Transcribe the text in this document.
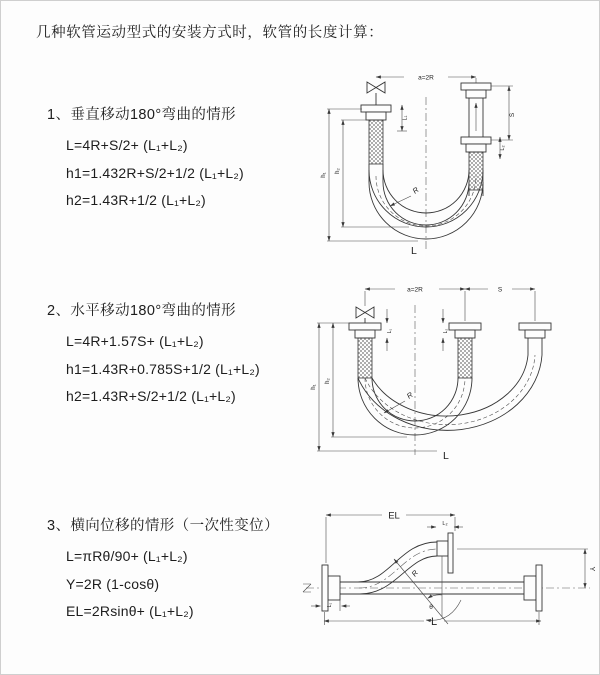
几种软管运动型式的安装方式时，软管的长度计算：

1、垂直移动180°弯曲的情形

L=4R+S/2+ (L₁+L₂)

h1=1.432R+S/2+1/2 (L₁+L₂)

h2=1.43R+1/2 (L₁+L₂)

a=2R
S
L₂
L₁
h₁
h₂
R
L

2、水平移动180°弯曲的情形

L=4R+1.57S+ (L₁+L₂)

h1=1.43R+0.785S+1/2 (L₁+L₂)

h2=1.43R+S/2+1/2 (L₁+L₂)

a=2R	S
L₁	L₂
h₁
h₂
R
L

3、横向位移的情形（一次性变位）

L=πRθ/90+ (L₁+L₂)

Y=2R (1-cosθ)

EL=2Rsinθ+ (L₁+L₂)

EL
L₂
Y
θ
R
L
L₁
